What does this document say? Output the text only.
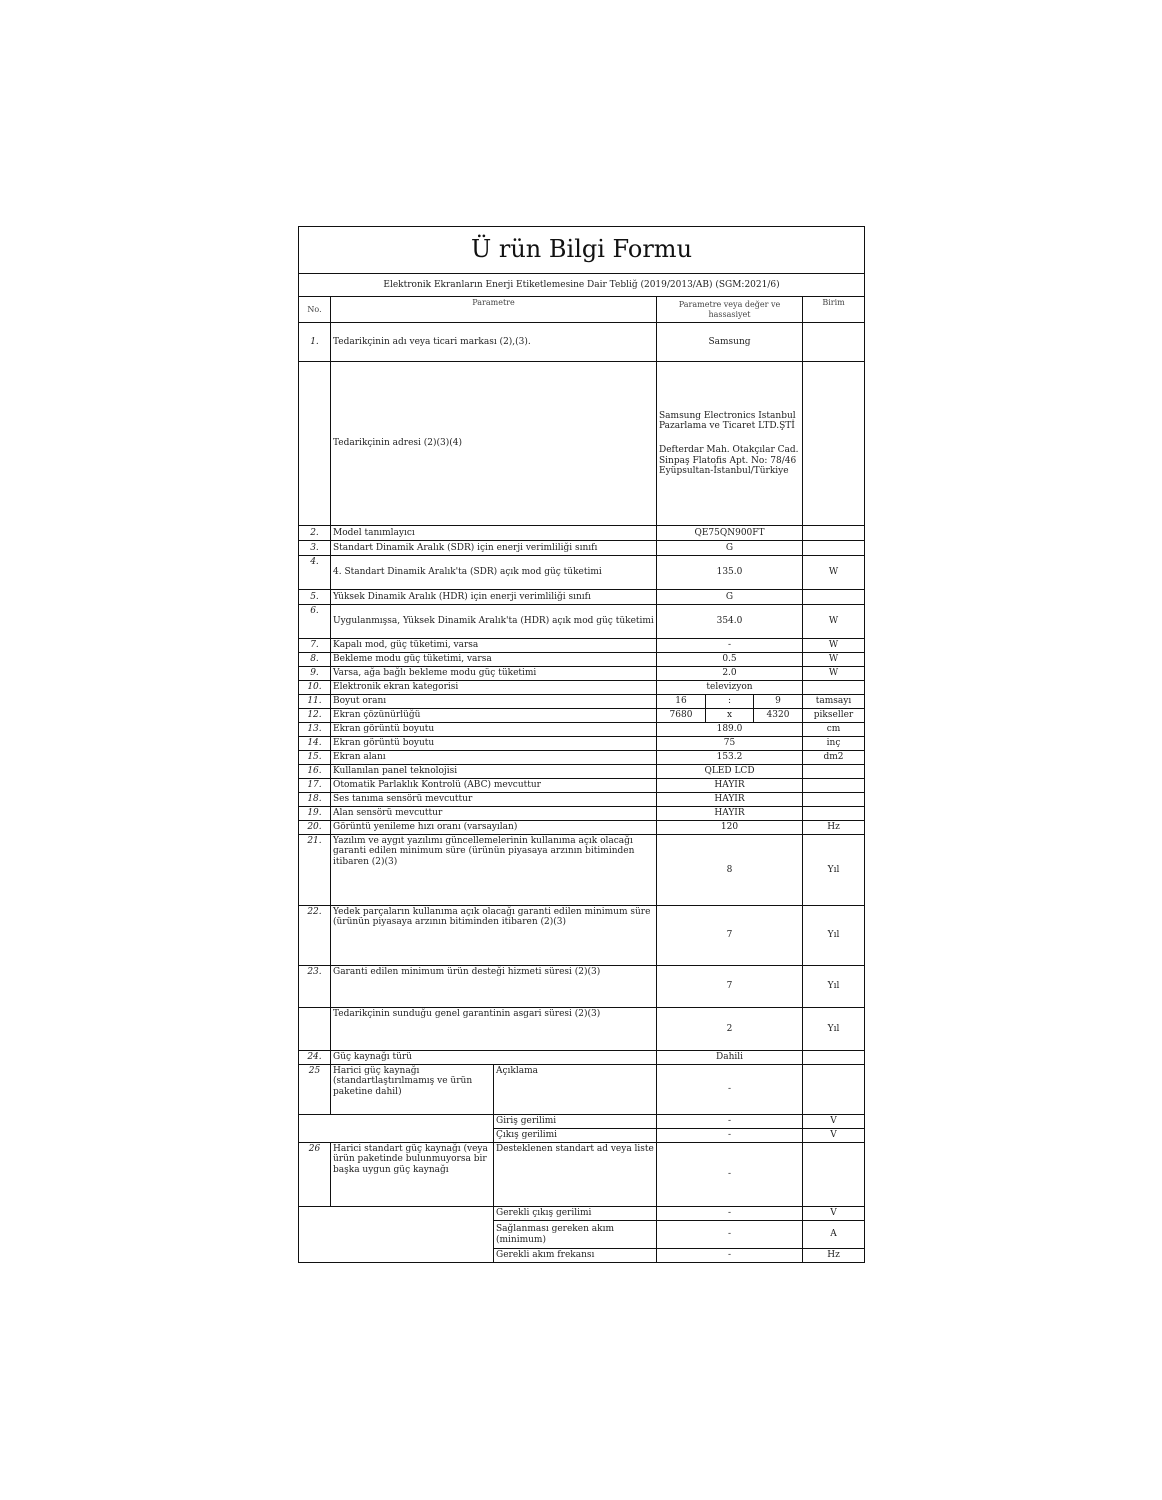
Ü rün Bilgi Formu						
Elektronik Ekranların Enerji Etiketlemesine Dair Tebliğ (2019/2013/AB) (SGM:2021/6)						
No.	Parametre		Parametre veya değer ve hassasiyet			Birim
1.	Tedarikçinin adı veya ticari markası (2),(3).		Samsung			
	Tedarikçinin adresi (2)(3)(4)		Samsung Electronics Istanbul

Pazarlama ve Ticaret LTD.ŞTİ

Defterdar Mah. Otakçılar Cad.

Sinpaş Flatofis Apt. No: 78/46

Eyüpsultan-İstanbul/Türkiye			

2.	Model tanımlayıcı		QE75QN900FT			
3.	Standart Dinamik Aralık (SDR) için enerji verimliliği sınıfı		G			
4.	4. Standart Dinamik Aralık'ta (SDR) açık mod güç tüketimi		135.0			W
5.	Yüksek Dinamik Aralık (HDR) için enerji verimliliği sınıfı		G			
6.	Uygulanmışsa, Yüksek Dinamik Aralık'ta (HDR) açık mod güç tüketimi		354.0			W
7.	Kapalı mod, güç tüketimi, varsa		-			W
8.	Bekleme modu güç tüketimi, varsa		0.5			W
9.	Varsa, ağa bağlı bekleme modu güç tüketimi		2.0			W
10.	Elektronik ekran kategorisi		televizyon			
11.	Boyut oranı		16	:	9	tamsayı
12.	Ekran çözünürlüğü		7680	x	4320	pikseller
13.	Ekran görüntü boyutu		189.0			cm
14.	Ekran görüntü boyutu		75			inç
15.	Ekran alanı		153.2			dm2
16.	Kullanılan panel teknolojisi		QLED LCD			
17.	Otomatik Parlaklık Kontrolü (ABC) mevcuttur		HAYIR			
18.	Ses tanıma sensörü mevcuttur		HAYIR			
19.	Alan sensörü mevcuttur		HAYIR			
20.	Görüntü yenileme hızı oranı (varsayılan)		120			Hz
21.	Yazılım ve aygıt yazılımı güncellemelerinin kullanıma açık olacağı garanti edilen minimum süre (ürünün piyasaya arzının bitiminden itibaren (2)(3)		8			Yıl
22.	Yedek parçaların kullanıma açık olacağı garanti edilen minimum süre (ürünün piyasaya arzının bitiminden itibaren (2)(3)		7			Yıl
23.	Garanti edilen minimum ürün desteği hizmeti süresi (2)(3)		7			Yıl
	Tedarikçinin sunduğu genel garantinin asgari süresi (2)(3)		2			Yıl
24.	Güç kaynağı türü		Dahili			
25	Harici güç kaynağı (standartlaştırılmamış ve ürün paketine dahil)	Açıklama	-			
		Giriş gerilimi	-			V
		Çıkış gerilimi	-			V
26	Harici standart güç kaynağı (veya ürün paketinde bulunmuyorsa bir başka uygun güç kaynağı	Desteklenen standart ad veya liste	-			
		Gerekli çıkış gerilimi	-			V
		Sağlanması gereken akım (minimum)	-			A
		Gerekli akım frekansı	-			Hz
